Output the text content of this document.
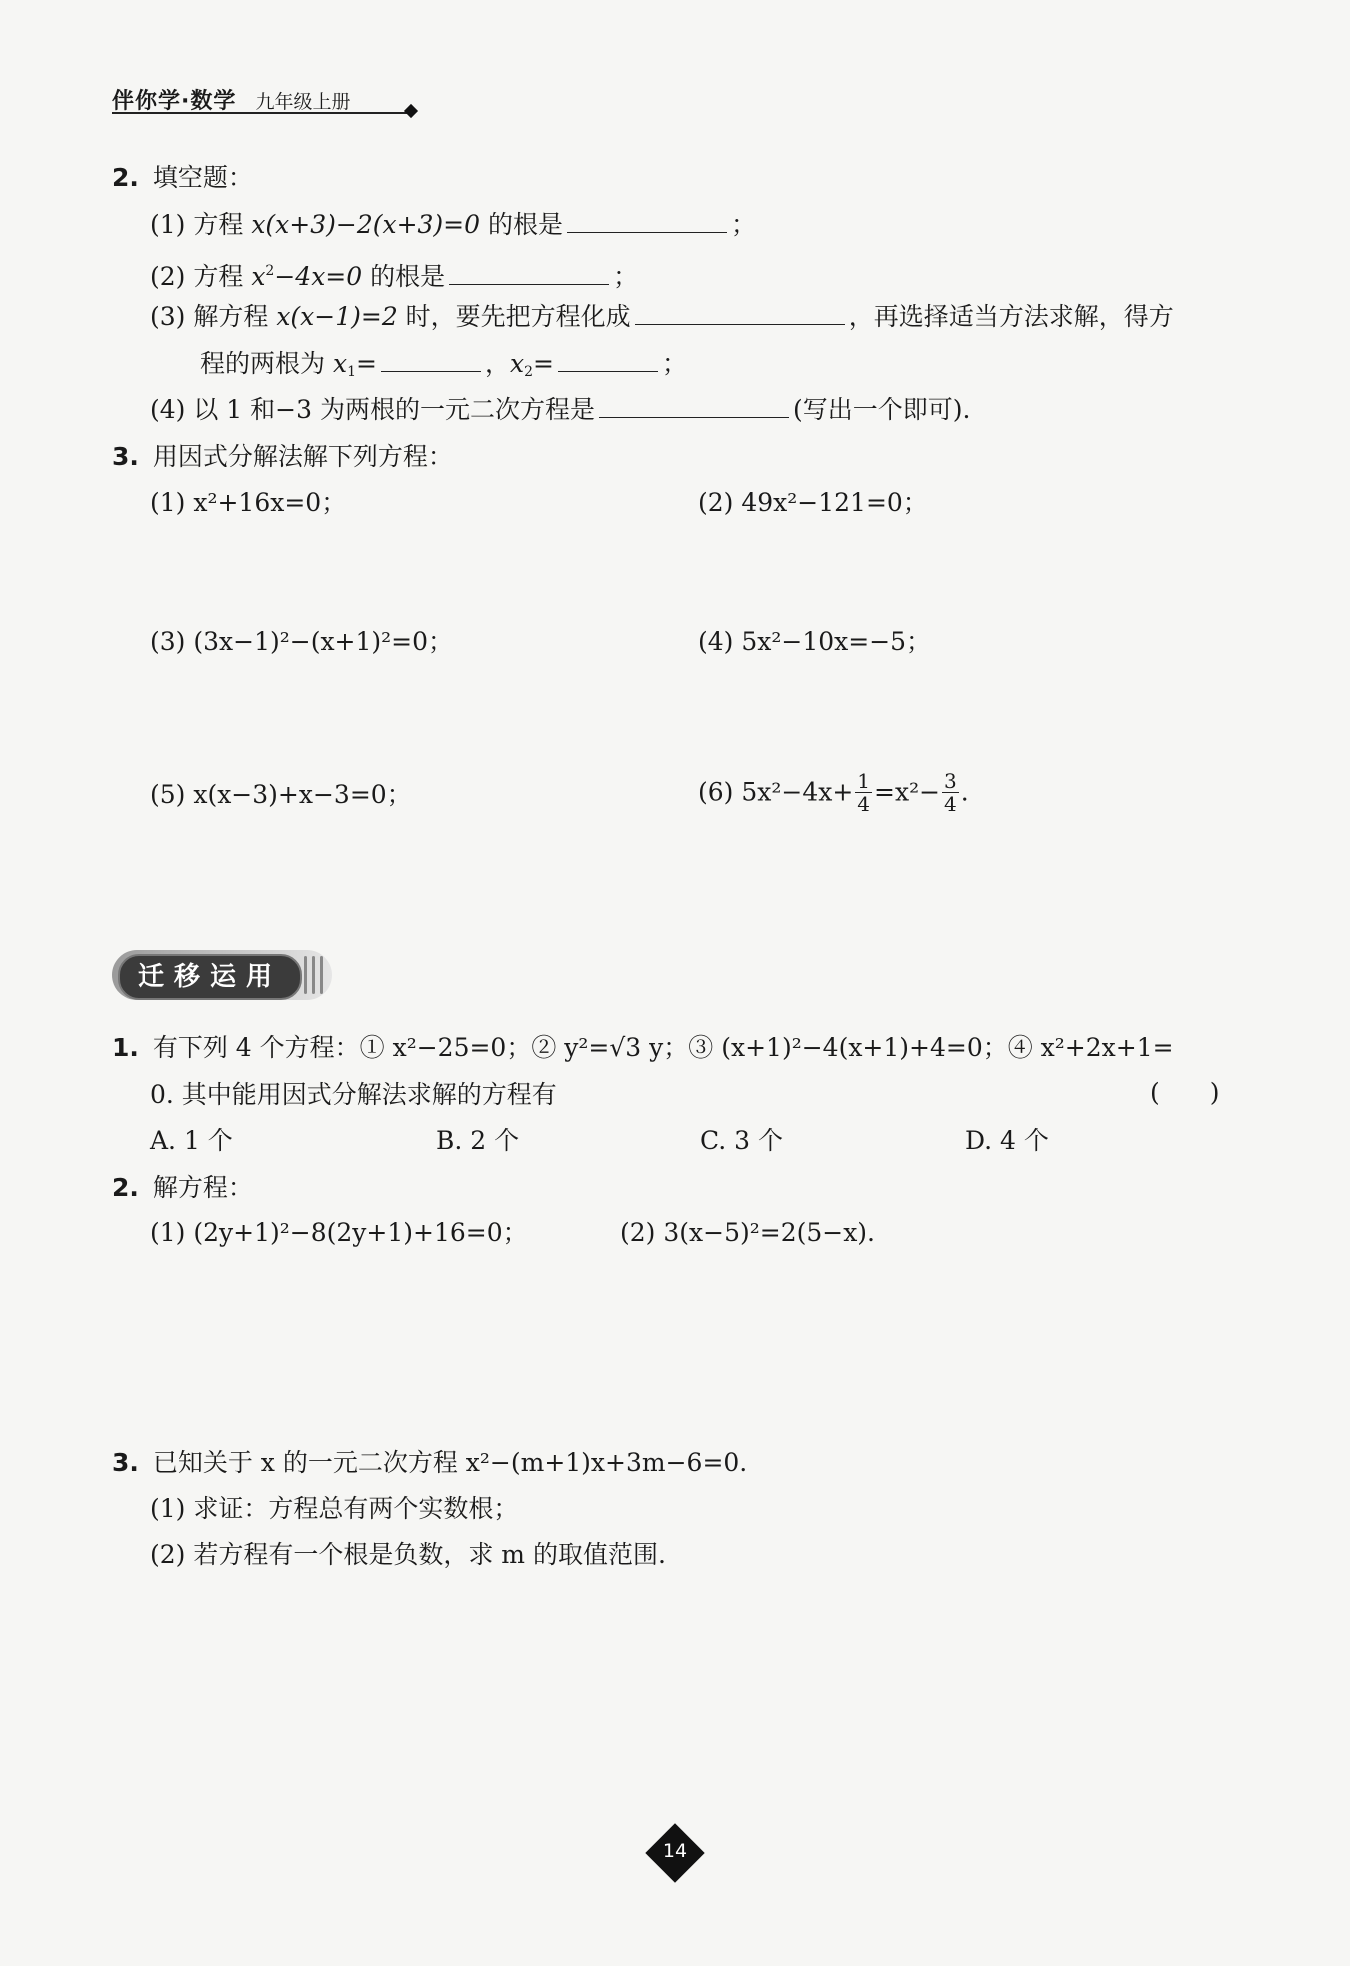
伴你学·数学 九年级上册
2. 填空题：
(1) 方程 x(x+3)−2(x+3)=0 的根是	；
(2) 方程 $x^2-4x=0$ 的根是	；
(3) 解方程 x(x−1)=2 时，要先把方程化成	，再选择适当方法求解，得方
程的两根为 $x_1=$	，$x_2=$	；
(4) 以 1 和−3 为两根的一元二次方程是	(写出一个即可).
3. 用因式分解法解下列方程：
(1) x²+16x=0；	(2) 49x²−121=0；
(3) (3x−1)²−(x+1)²=0；	(4) 5x²−10x=−5；
(5) x(x−3)+x−3=0；	(6) $5x^2-4x+ \frac{1}{4} =x^2- \frac{3}{4}$ .
迁移运用
1. 有下列 4 个方程：① x²−25=0；② y²=√3 y；③ (x+1)²−4(x+1)+4=0；④ x²+2x+1=
0. 其中能用因式分解法求解的方程有	(　　)
A. 1 个	B. 2 个	C. 3 个	D. 4 个
2. 解方程：
(1) (2y+1)²−8(2y+1)+16=0；	(2) 3(x−5)²=2(5−x).
3. 已知关于 x 的一元二次方程 x²−(m+1)x+3m−6=0.
(1) 求证：方程总有两个实数根；
(2) 若方程有一个根是负数，求 m 的取值范围.
14
